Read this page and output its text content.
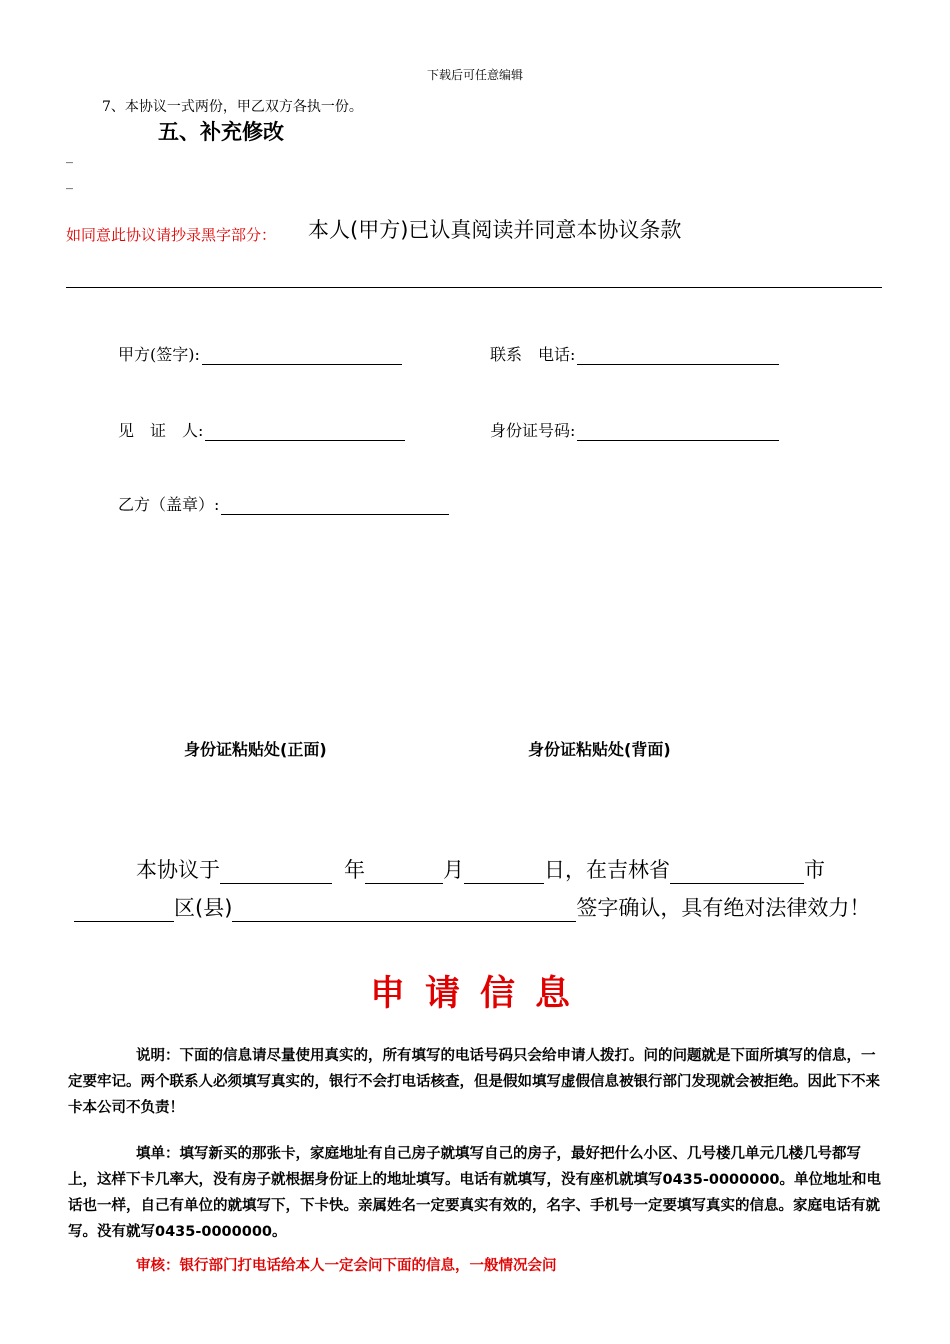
下载后可任意编辑
7、本协议一式两份，甲乙双方各执一份。
五、补充修改
_
_
如同意此协议请抄录黑字部分： 本人(甲方)已认真阅读并同意本协议条款
甲方(签字):	联系　电话:
见　证　人:	身份证号码:
乙方（盖章）:
身份证粘贴处(正面)	身份证粘贴处(背面)
本协议于	年	月	日，在吉林省	市
区(县)	签字确认，具有绝对法律效力！
申请信息
说明：下面的信息请尽量使用真实的，所有填写的电话号码只会给申请人拨打。问的问题就是下面所填写的信息，一定要牢记。两个联系人必须填写真实的，银行不会打电话核查，但是假如填写虚假信息被银行部门发现就会被拒绝。因此下不来卡本公司不负责！
填单：填写新买的那张卡，家庭地址有自己房子就填写自己的房子，最好把什么小区、几号楼几单元几楼几号都写上，这样下卡几率大，没有房子就根据身份证上的地址填写。电话有就填写，没有座机就填写0435-0000000。单位地址和电话也一样，自己有单位的就填写下，下卡快。亲属姓名一定要真实有效的，名字、手机号一定要填写真实的信息。家庭电话有就写。没有就写0435-0000000。
审核：银行部门打电话给本人一定会问下面的信息，一般情况会问
